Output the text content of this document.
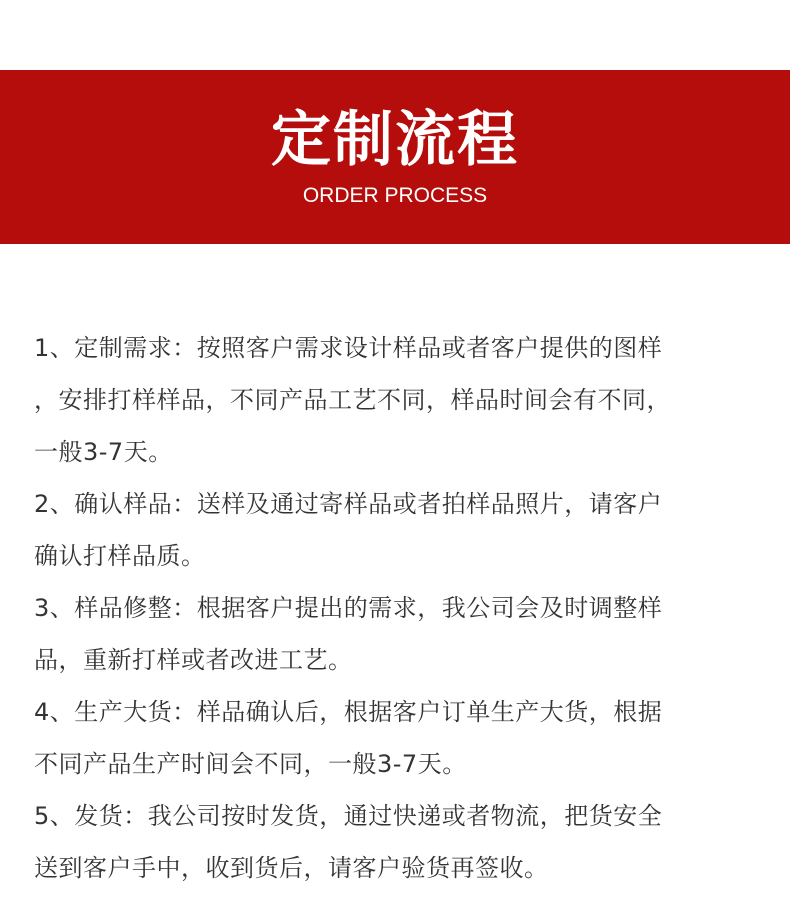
定制流程
ORDER PROCESS
1、定制需求：按照客户需求设计样品或者客户提供的图样
，安排打样样品，不同产品工艺不同，样品时间会有不同，
一般3-7天。
2、确认样品：送样及通过寄样品或者拍样品照片，请客户
确认打样品质。
3、样品修整：根据客户提出的需求，我公司会及时调整样
品，重新打样或者改进工艺。
4、生产大货：样品确认后，根据客户订单生产大货，根据
不同产品生产时间会不同，一般3-7天。
5、发货：我公司按时发货，通过快递或者物流，把货安全
送到客户手中，收到货后，请客户验货再签收。
